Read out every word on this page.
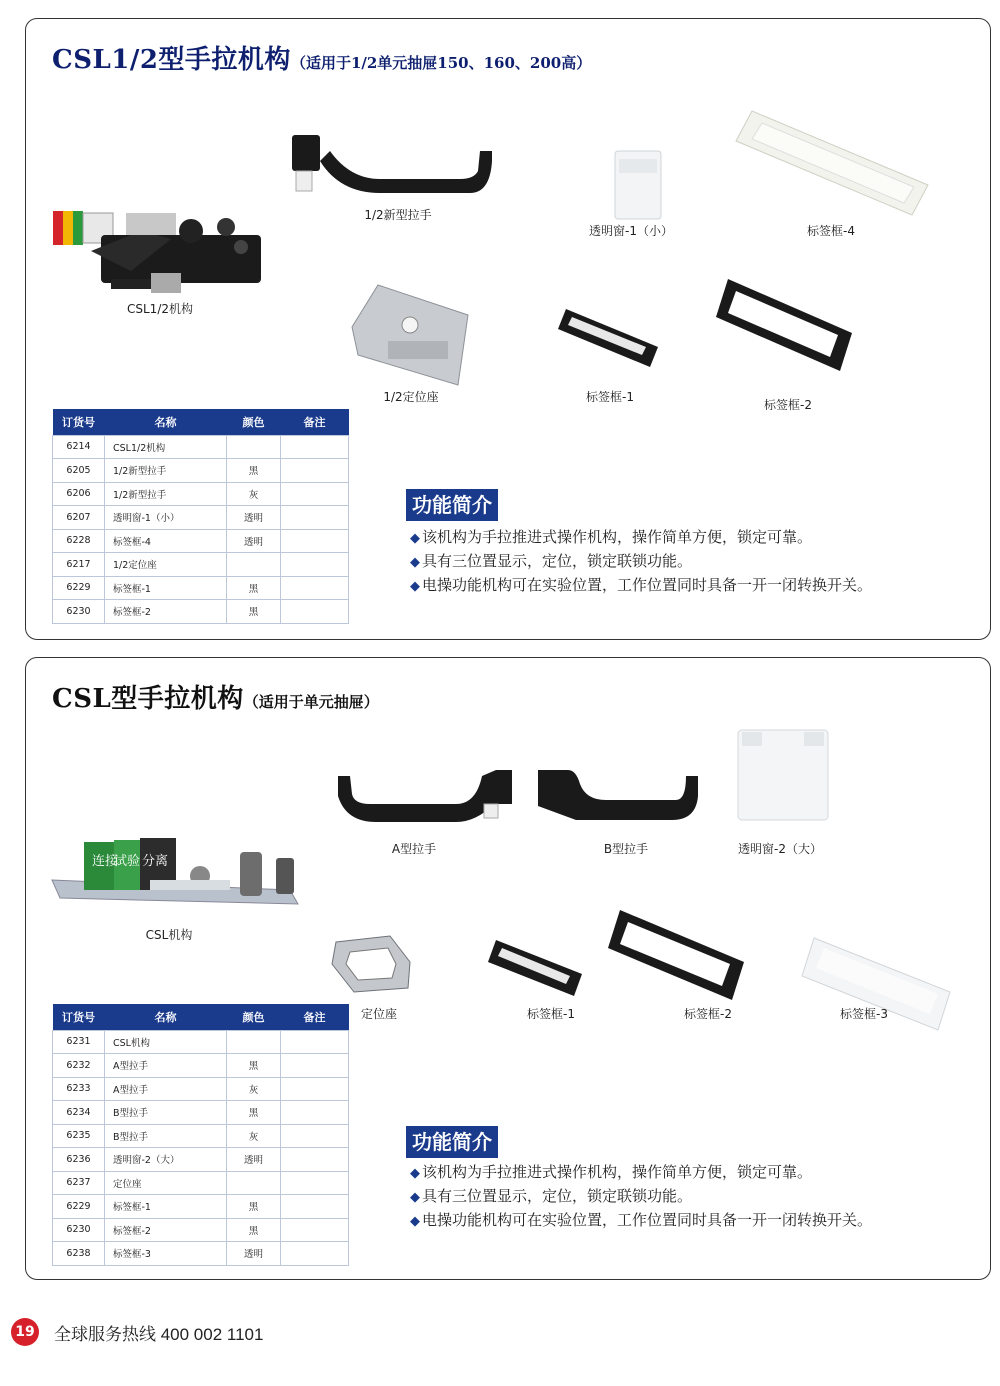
CSL1/2型手拉机构（适用于1/2单元抽屉150、160、200高）
CSL1/2机构
1/2新型拉手
透明窗-1（小）	标签框-4
1/2定位座	标签框-1
标签框-2
订货号	名称	颜色	备注
6214	CSL1/2机构		
6205	1/2新型拉手	黑	
6206	1/2新型拉手	灰	
6207	透明窗-1（小）	透明	
6228	标签框-4	透明	
6217	1/2定位座		
6229	标签框-1	黑	
6230	标签框-2	黑	
功能简介
◆ 该机构为手拉推进式操作机构，操作简单方便，锁定可靠。
◆ 具有三位置显示，定位，锁定联锁功能。
◆ 电操功能机构可在实验位置，工作位置同时具备一开一闭转换开关。
CSL型手拉机构（适用于单元抽屉）
连接
试验 分离
CSL机构
A型拉手	B型拉手	透明窗-2（大）
定位座	标签框-1	标签框-2	标签框-3
订货号	名称	颜色	备注
6231	CSL机构		
6232	A型拉手	黑	
6233	A型拉手	灰	
6234	B型拉手	黑	
6235	B型拉手	灰	
6236	透明窗-2（大）	透明	
6237	定位座		
6229	标签框-1	黑	
6230	标签框-2	黑	
6238	标签框-3	透明	
功能简介
◆ 该机构为手拉推进式操作机构，操作简单方便，锁定可靠。
◆ 具有三位置显示，定位，锁定联锁功能。
◆ 电操功能机构可在实验位置，工作位置同时具备一开一闭转换开关。
19 全球服务热线 400 002 1101
